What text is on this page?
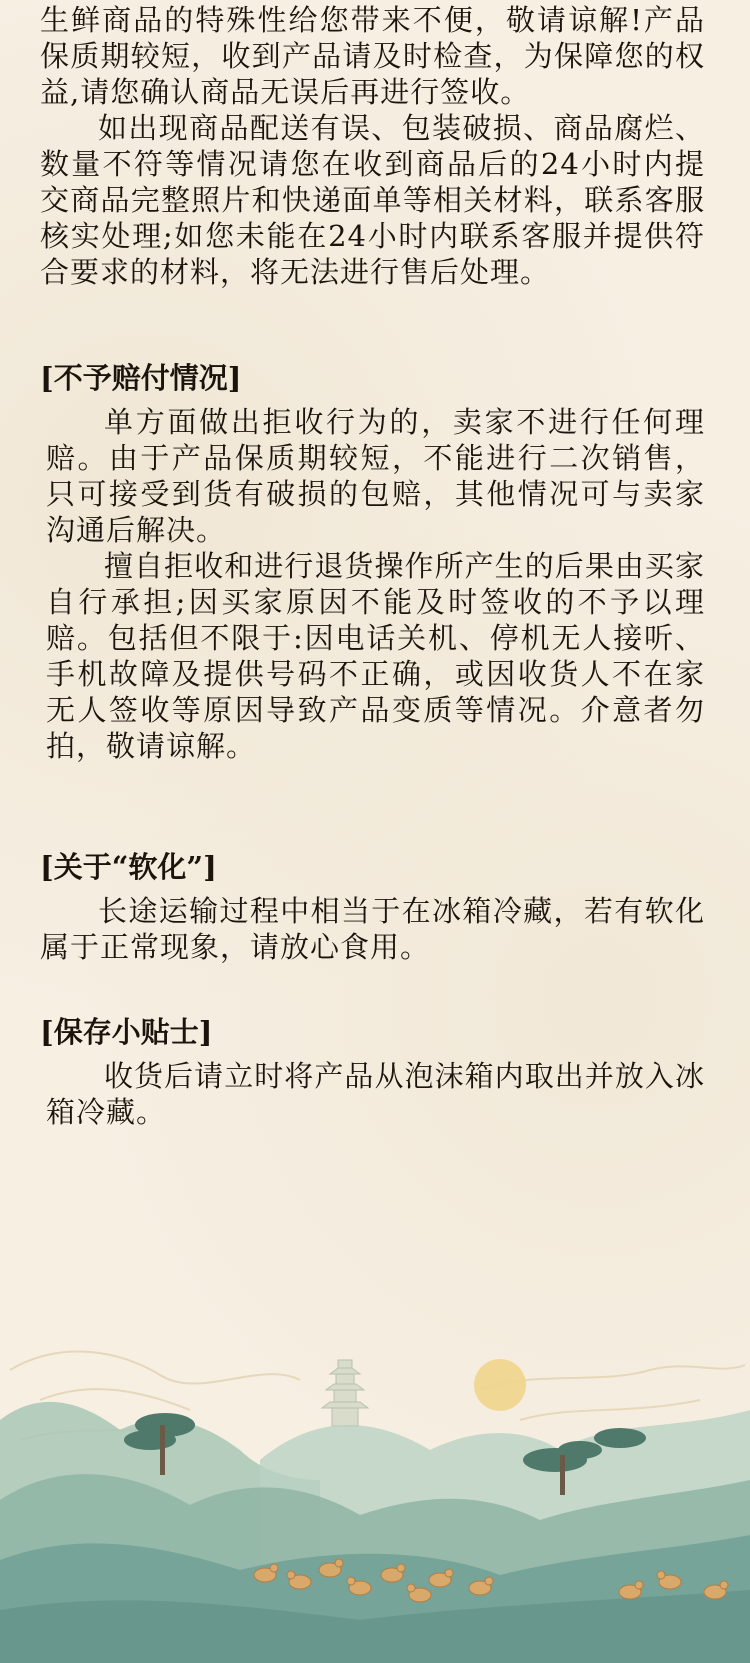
生鲜商品的特殊性给您带来不便，敬请谅解!产品保质期较短，收到产品请及时检查，为保障您的权益,请您确认商品无误后再进行签收。

如出现商品配送有误、包装破损、商品腐烂、数量不符等情况请您在收到商品后的24小时内提交商品完整照片和快递面单等相关材料，联系客服核实处理;如您未能在24小时内联系客服并提供符合要求的材料，将无法进行售后处理。

[不予赔付情况]

单方面做出拒收行为的，卖家不进行任何理赔。由于产品保质期较短，不能进行二次销售，只可接受到货有破损的包赔，其他情况可与卖家沟通后解决。

擅自拒收和进行退货操作所产生的后果由买家自行承担;因买家原因不能及时签收的不予以理赔。包括但不限于:因电话关机、停机无人接听、手机故障及提供号码不正确，或因收货人不在家无人签收等原因导致产品变质等情况。介意者勿拍，敬请谅解。

[关于“软化”]

长途运输过程中相当于在冰箱冷藏，若有软化属于正常现象，请放心食用。

[保存小贴士]

收货后请立时将产品从泡沫箱内取出并放入冰箱冷藏。
